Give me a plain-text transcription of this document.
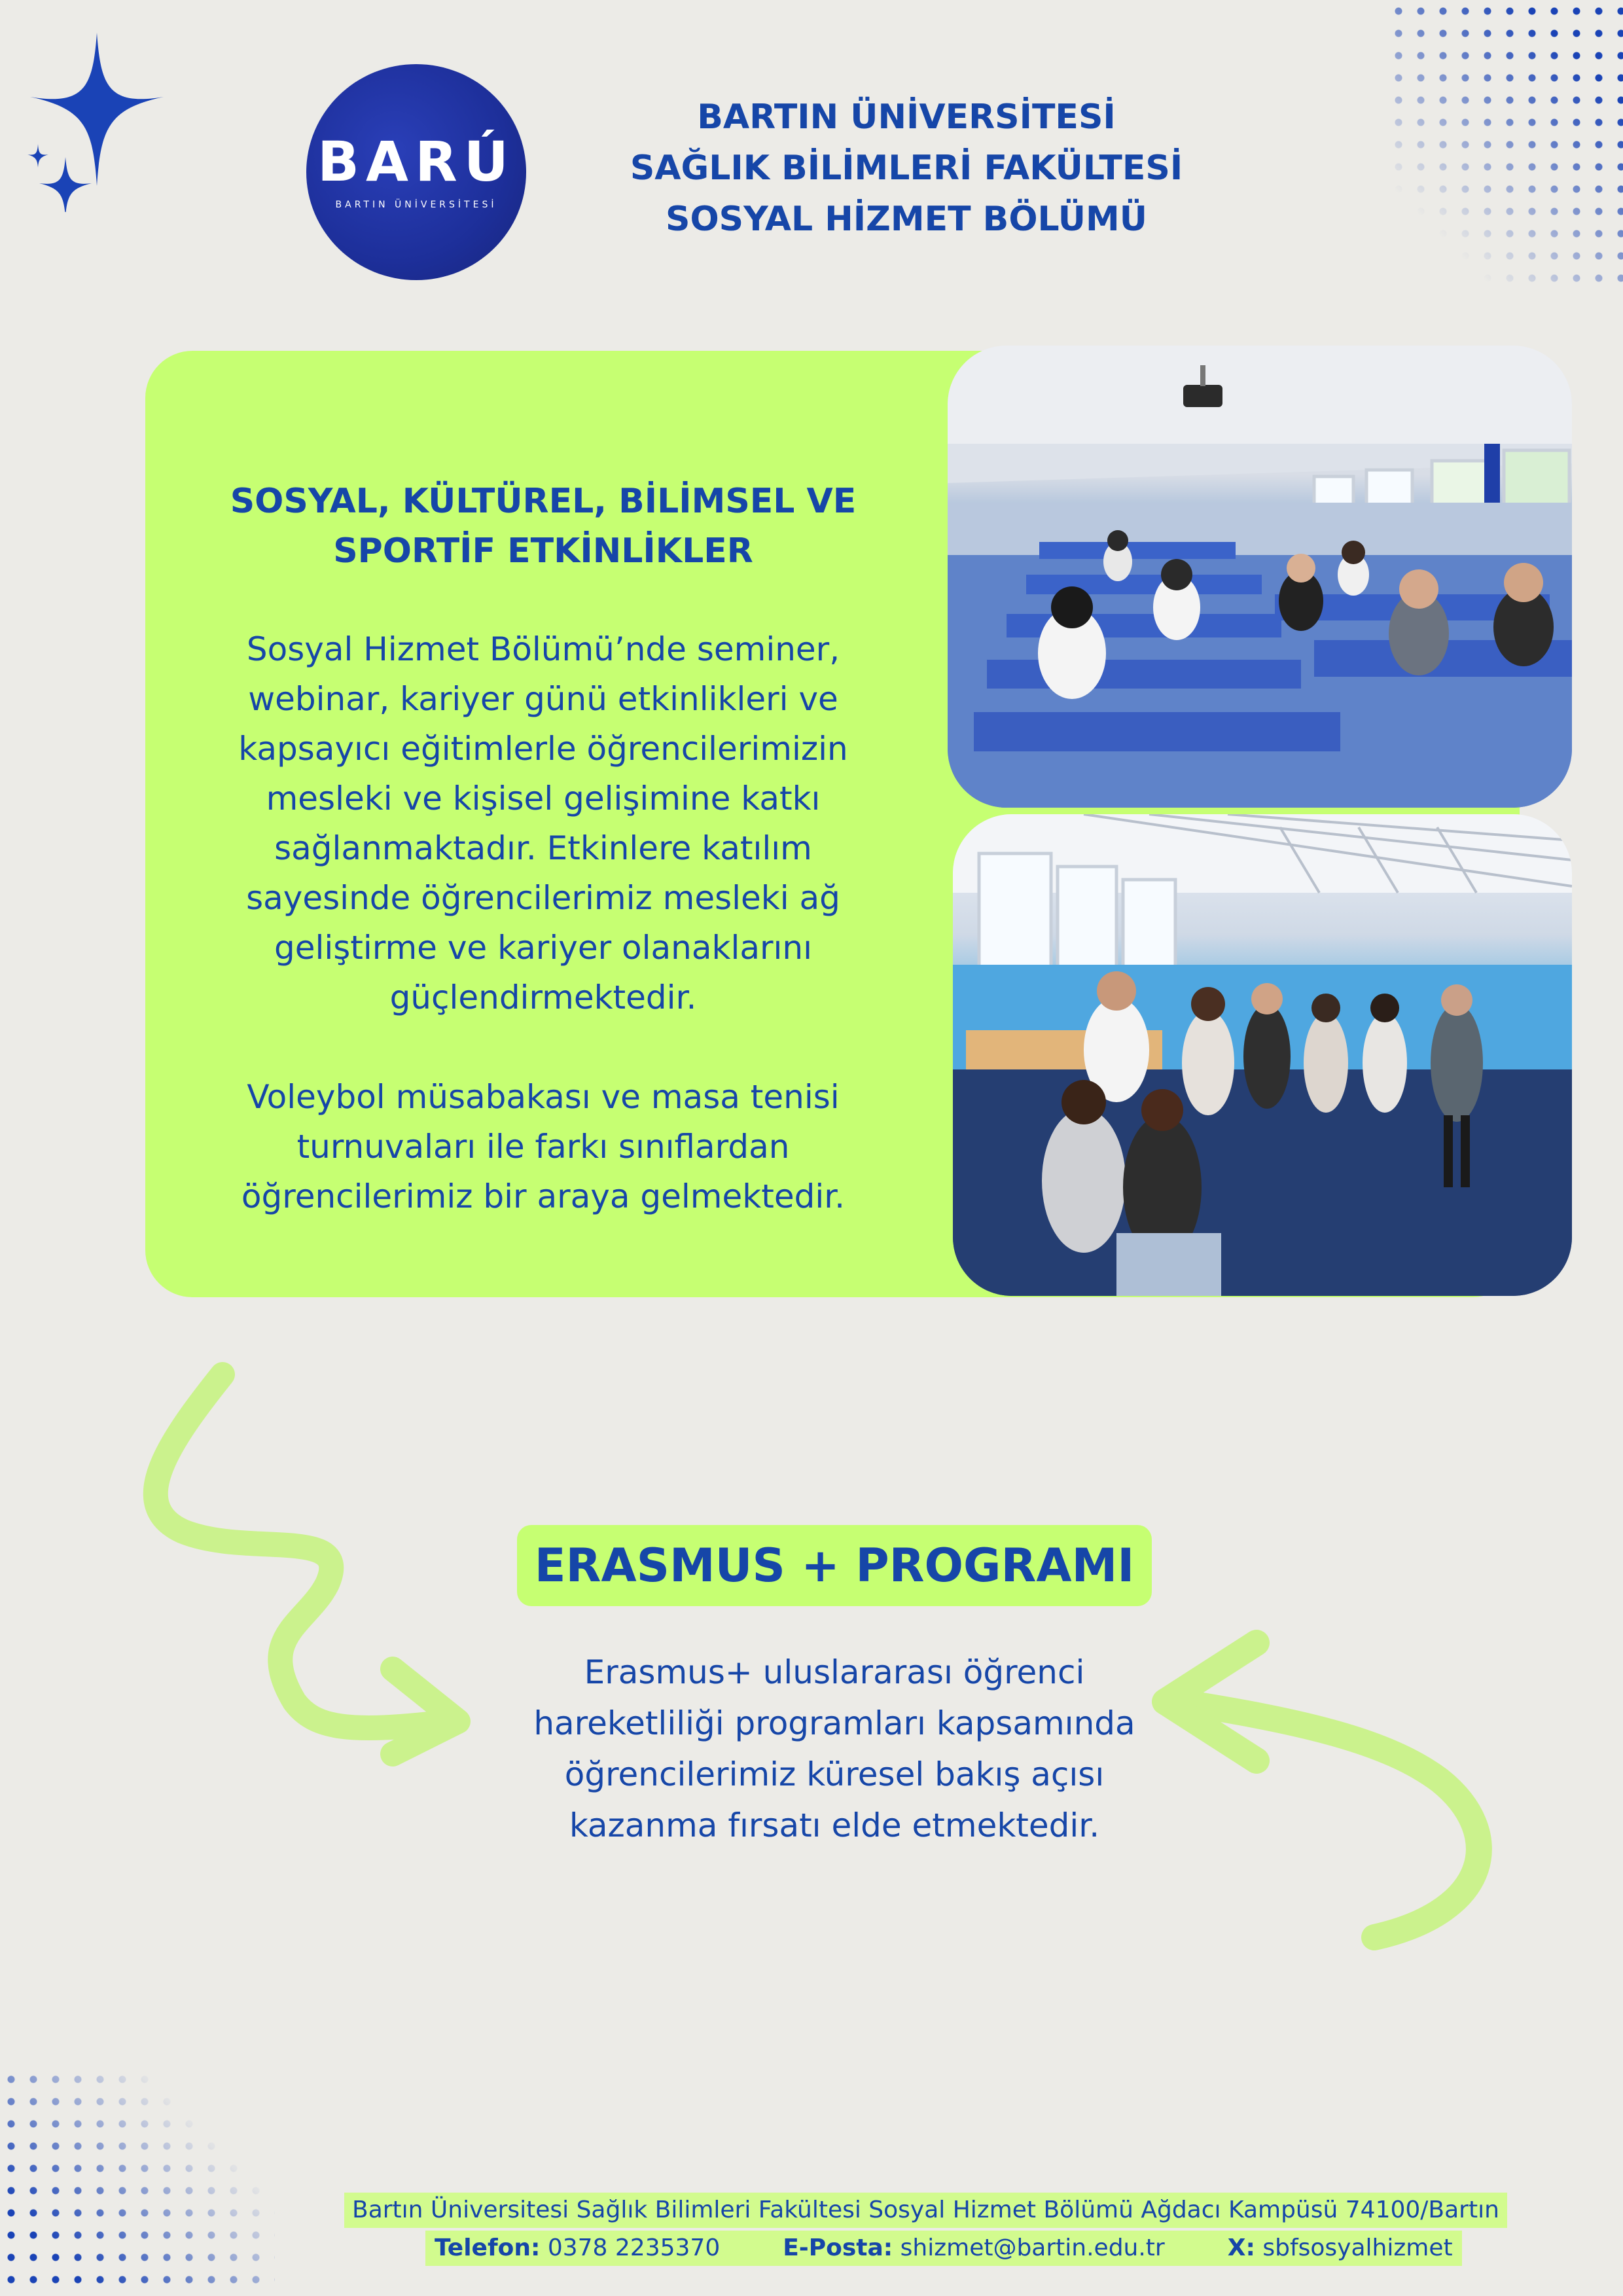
BARÚ
BARTIN ÜNİVERSİTESİ
BARTIN ÜNİVERSİTESİ
SAĞLIK BİLİMLERİ FAKÜLTESİ
SOSYAL HİZMET BÖLÜMÜ
SOSYAL, KÜLTÜREL, BİLİMSEL VE
SPORTİF ETKİNLİKLER

Sosyal Hizmet Bölümü’nde seminer, webinar, kariyer günü etkinlikleri ve kapsayıcı eğitimlerle öğrencilerimizin mesleki ve kişisel gelişimine katkı sağlanmaktadır. Etkinlere katılım sayesinde öğrencilerimiz mesleki ağ geliştirme ve kariyer olanaklarını güçlendirmektedir.

Voleybol müsabakası ve masa tenisi turnuvaları ile farkı sınıflardan öğrencilerimiz bir araya gelmektedir.

ERASMUS + PROGRAMI
Erasmus+ uluslararası öğrenci hareketliliği programları kapsamında öğrencilerimiz küresel bakış açısı kazanma fırsatı elde etmektedir.
Bartın Üniversitesi Sağlık Bilimleri Fakültesi Sosyal Hizmet Bölümü Ağdacı Kampüsü 74100/Bartın
Telefon: 0378 2235370	E-Posta: shizmet@bartin.edu.tr	X: sbfsosyalhizmet
